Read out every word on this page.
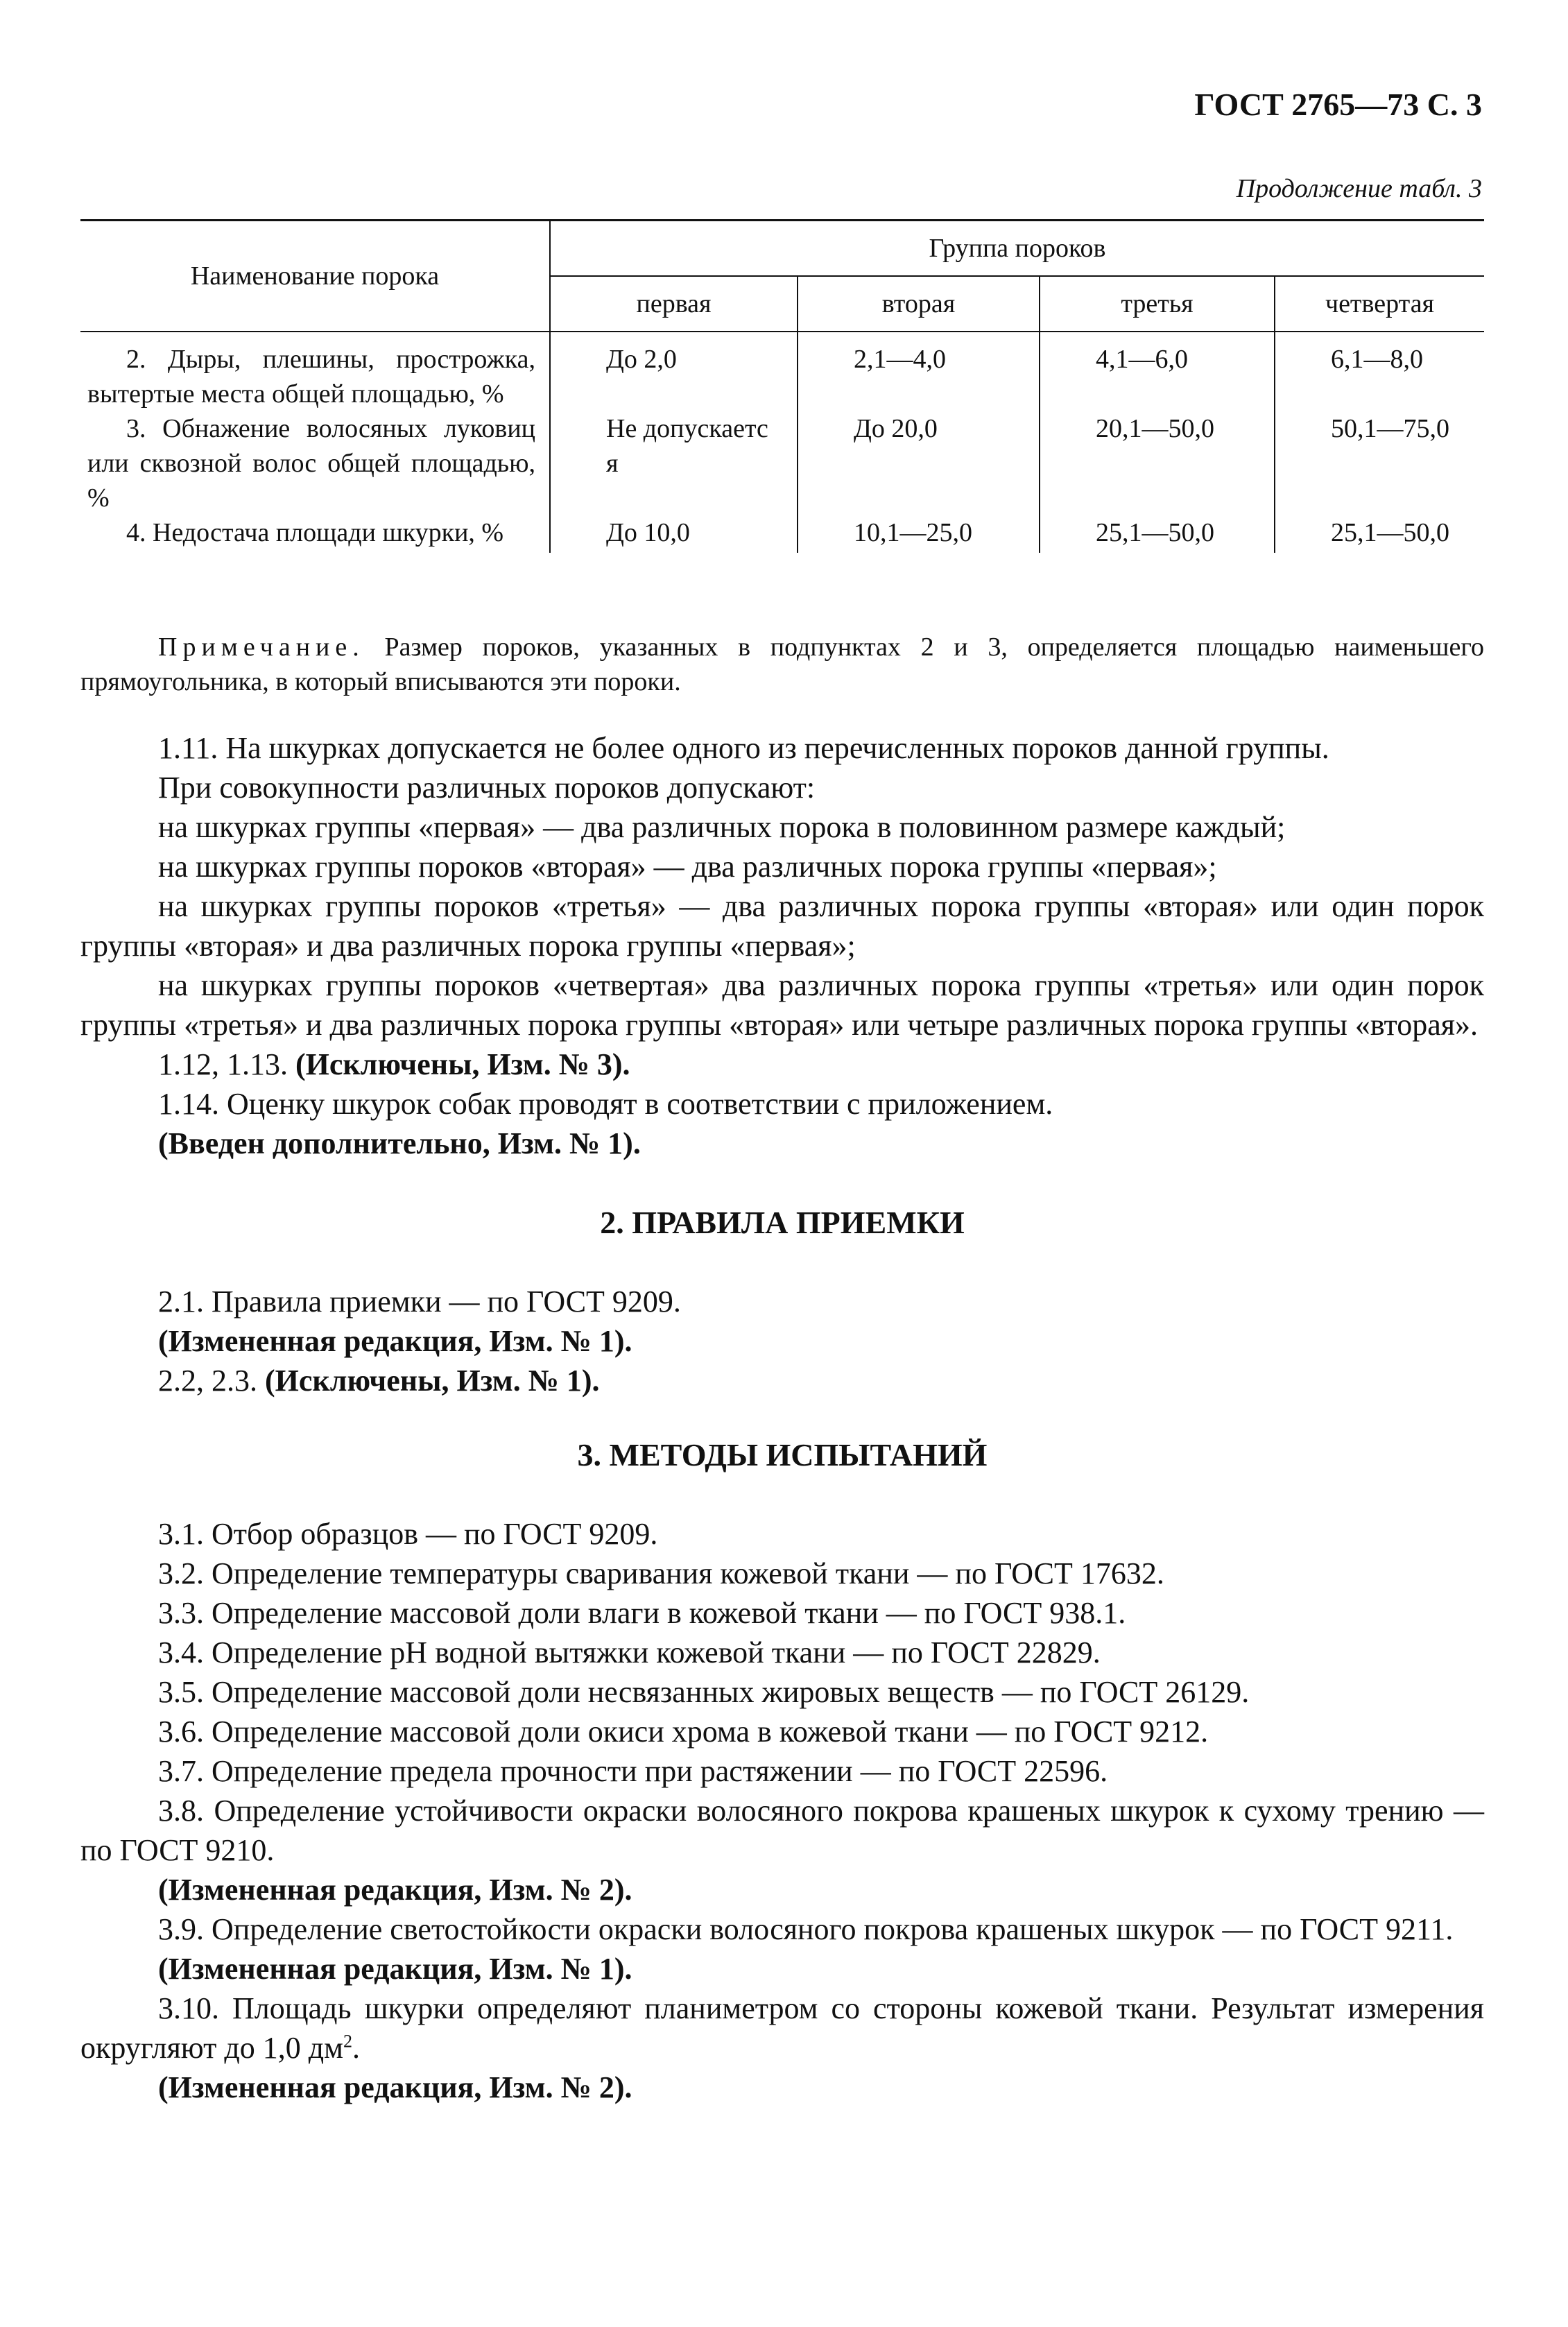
ГОСТ 2765—73 С. 3
Продолжение табл. 3
Наименование порока	Группа пороков			
	первая	вторая	третья	четвертая
2. Дыры, плешины, прострожка, вытертые места общей площадью, %	До 2,0	2,1—4,0	4,1—6,0	6,1—8,0
3. Обнажение волосяных луковиц или сквозной волос общей площадью, %	Не допускается	До 20,0	20,1—50,0	50,1—75,0
4. Недостача площади шкурки, %	До 10,0	10,1—25,0	25,1—50,0	25,1—50,0
Примечание. Размер пороков, указанных в подпунктах 2 и 3, определяется площадью наименьшего прямоугольника, в который вписываются эти пороки.

1.11. На шкурках допускается не более одного из перечисленных пороков данной группы.

При совокупности различных пороков допускают:

на шкурках группы «первая» — два различных порока в половинном размере каждый;

на шкурках группы пороков «вторая» — два различных порока группы «первая»;

на шкурках группы пороков «третья» — два различных порока группы «вторая» или один порок группы «вторая» и два различных порока группы «первая»;

на шкурках группы пороков «четвертая» два различных порока группы «третья» или один порок группы «третья» и два различных порока группы «вторая» или четыре различных порока группы «вторая».

1.12, 1.13. (Исключены, Изм. № 3).

1.14. Оценку шкурок собак проводят в соответствии с приложением.

(Введен дополнительно, Изм. № 1).

2. ПРАВИЛА ПРИЕМКИ

2.1. Правила приемки — по ГОСТ 9209.

(Измененная редакция, Изм. № 1).

2.2, 2.3. (Исключены, Изм. № 1).

3. МЕТОДЫ ИСПЫТАНИЙ

3.1. Отбор образцов — по ГОСТ 9209.

3.2. Определение температуры сваривания кожевой ткани — по ГОСТ 17632.

3.3. Определение массовой доли влаги в кожевой ткани — по ГОСТ 938.1.

3.4. Определение pH водной вытяжки кожевой ткани — по ГОСТ 22829.

3.5. Определение массовой доли несвязанных жировых веществ — по ГОСТ 26129.

3.6. Определение массовой доли окиси хрома в кожевой ткани — по ГОСТ 9212.

3.7. Определение предела прочности при растяжении — по ГОСТ 22596.

3.8. Определение устойчивости окраски волосяного покрова крашеных шкурок к сухому трению — по ГОСТ 9210.

(Измененная редакция, Изм. № 2).

3.9. Определение светостойкости окраски волосяного покрова крашеных шкурок — по ГОСТ 9211.

(Измененная редакция, Изм. № 1).

3.10. Площадь шкурки определяют планиметром со стороны кожевой ткани. Результат измерения округляют до 1,0 $дм^2$.

(Измененная редакция, Изм. № 2).
